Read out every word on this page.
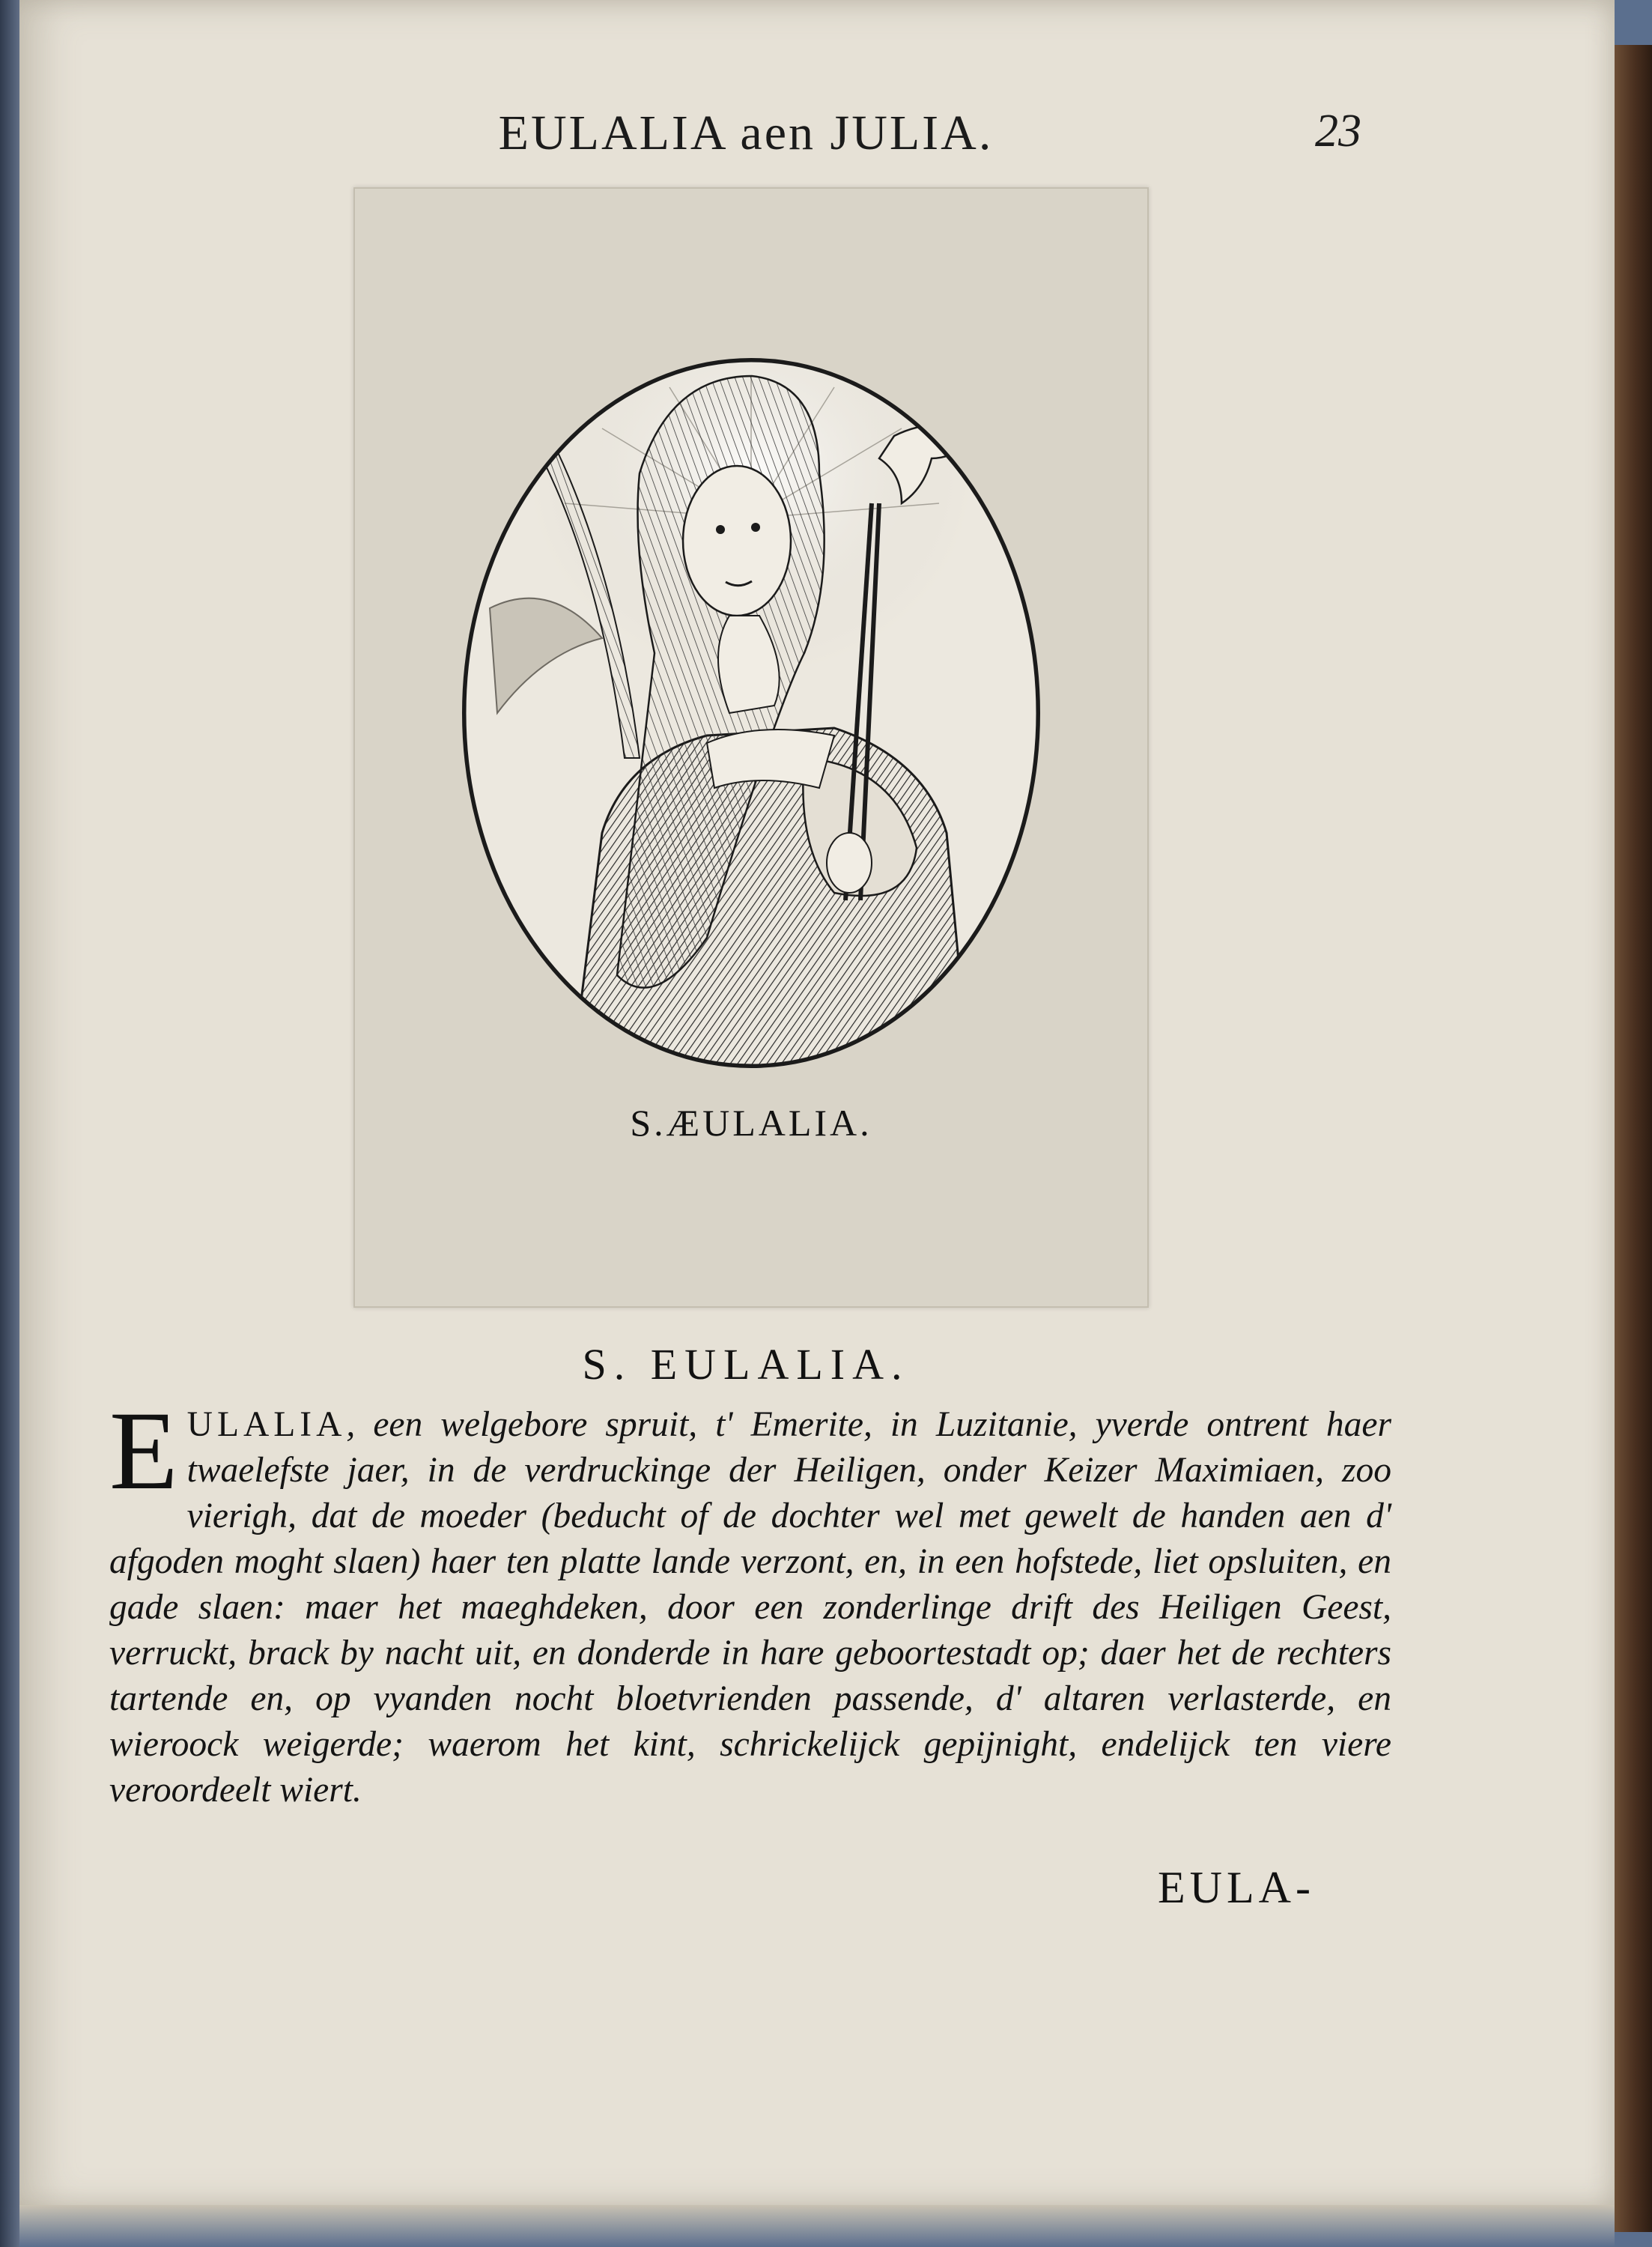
EULALIA aen JULIA.	23
S.ÆULALIA.
S. EULALIA.
EULALIA, een welgebore spruit, t' Emerite, in Luzitanie, yverde ontrent haer twaelefste jaer, in de verdruckinge der Heiligen, onder Keizer Maximiaen, zoo vierigh, dat de moeder (beducht of de dochter wel met gewelt de handen aen d' afgoden moght slaen) haer ten platte lande verzont, en, in een hofstede, liet opsluiten, en gade slaen: maer het maeghdeken, door een zonderlinge drift des Heiligen Geest, verruckt, brack by nacht uit, en donderde in hare geboortestadt op; daer het de rechters tartende en, op vyanden nocht bloetvrienden passende, d' altaren verlasterde, en wieroock weigerde; waerom het kint, schrickelijck gepijnight, endelijck ten viere veroordeelt wiert.
EULA-
